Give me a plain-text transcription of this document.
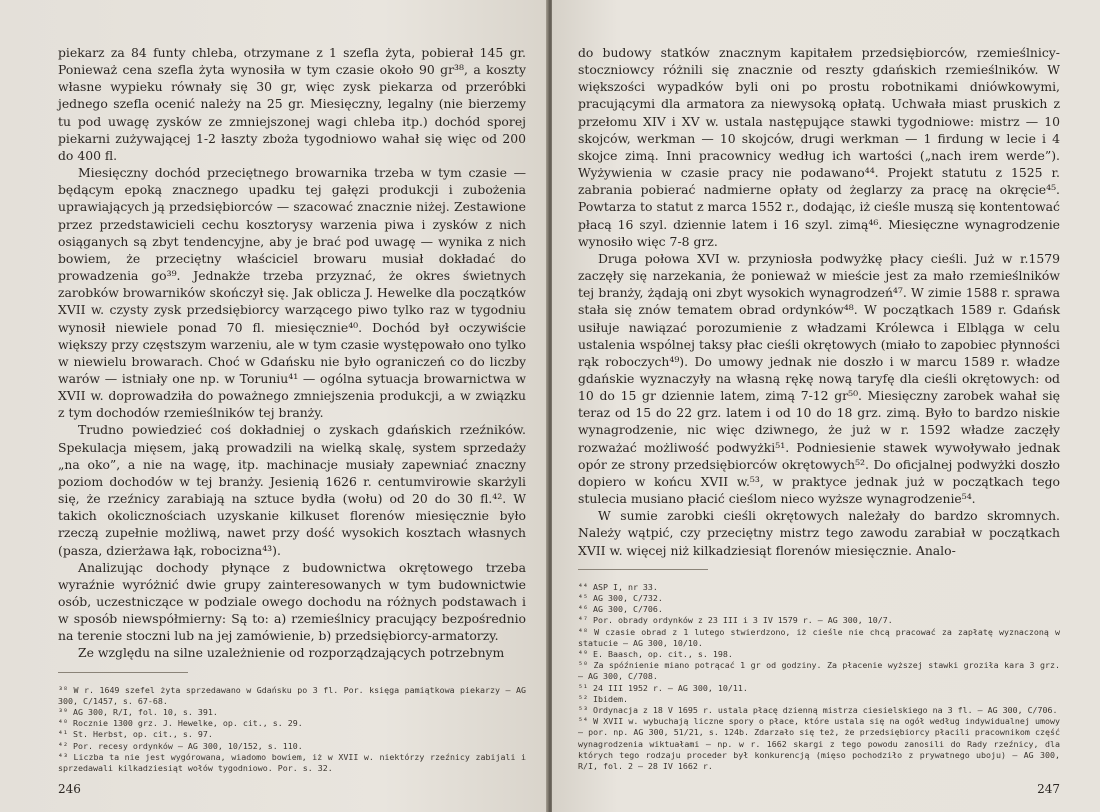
piekarz za 84 funty chleba, otrzymane z 1 szefla żyta, pobierał 145 gr. Ponieważ cena szefla żyta wynosiła w tym czasie około 90 gr³⁸, a koszty własne wypieku równały się 30 gr, więc zysk piekarza od przeróbki jednego szefla ocenić należy na 25 gr. Miesięczny, legalny (nie bierzemy tu pod uwagę zysków ze zmniejszonej wagi chleba itp.) dochód sporej piekarni zużywającej 1-2 łaszty zboża tygodniowo wahał się więc od 200 do 400 fl.

Miesięczny dochód przeciętnego browarnika trzeba w tym czasie — będącym epoką znacznego upadku tej gałęzi produkcji i zubożenia uprawiających ją przedsiębiorców — szacować znacznie niżej. Zestawione przez przedstawicieli cechu kosztorysy warzenia piwa i zysków z nich osiąganych są zbyt tendencyjne, aby je brać pod uwagę — wynika z nich bowiem, że przeciętny właściciel browaru musiał dokładać do prowadzenia go³⁹. Jednakże trzeba przyznać, że okres świetnych zarobków browarników skończył się. Jak oblicza J. Hewelke dla początków XVII w. czysty zysk przedsiębiorcy warzącego piwo tylko raz w tygodniu wynosił niewiele ponad 70 fl. miesięcznie⁴⁰. Dochód był oczywiście większy przy częstszym warzeniu, ale w tym czasie występowało ono tylko w niewielu browarach. Choć w Gdańsku nie było ograniczeń co do liczby warów — istniały one np. w Toruniu⁴¹ — ogólna sytuacja browarnictwa w XVII w. doprowadziła do poważnego zmniejszenia produkcji, a w związku z tym dochodów rzemieślników tej branży.

Trudno powiedzieć coś dokładniej o zyskach gdańskich rzeźników. Spekulacja mięsem, jaką prowadzili na wielką skalę, system sprzedaży „na oko”, a nie na wagę, itp. machinacje musiały zapewniać znaczny poziom dochodów w tej branży. Jesienią 1626 r. centumvirowie skarżyli się, że rzeźnicy zarabiają na sztuce bydła (wołu) od 20 do 30 fl.⁴². W takich okolicznościach uzyskanie kilkuset florenów miesięcznie było rzeczą zupełnie możliwą, nawet przy dość wysokich kosztach własnych (pasza, dzierżawa łąk, robocizna⁴³).

Analizując dochody płynące z budownictwa okrętowego trzeba wyraźnie wyróżnić dwie grupy zainteresowanych w tym budownictwie osób, uczestniczące w podziale owego dochodu na różnych podstawach i w sposób niewspółmierny: Są to: a) rzemieślnicy pracujący bezpośrednio na terenie stoczni lub na jej zamówienie, b) przedsiębiorcy-armatorzy.

Ze względu na silne uzależnienie od rozporządzających potrzebnym

³⁸ W r. 1649 szefel żyta sprzedawano w Gdańsku po 3 fl. Por. księga pamiątkowa piekarzy — AG 300, C/1457, s. 67-68.
³⁹ AG 300, R/I, fol. 10, s. 391.
⁴⁰ Rocznie 1300 grz. J. Hewelke, op. cit., s. 29.
⁴¹ St. Herbst, op. cit., s. 97.
⁴² Por. recesy ordynków — AG 300, 10/152, s. 110.
⁴³ Liczba ta nie jest wygórowana, wiadomo bowiem, iż w XVII w. niektórzy rzeźnicy zabijali i sprzedawali kilkadziesiąt wołów tygodniowo. Por. s. 32.
246

do budowy statków znacznym kapitałem przedsiębiorców, rzemieślnicy-stoczniowcy różnili się znacznie od reszty gdańskich rzemieślników. W większości wypadków byli oni po prostu robotnikami dniówkowymi, pracującymi dla armatora za niewysoką opłatą. Uchwała miast pruskich z przełomu XIV i XV w. ustala następujące stawki tygodniowe: mistrz — 10 skojców, werkman — 10 skojców, drugi werkman — 1 firdung w lecie i 4 skojce zimą. Inni pracownicy według ich wartości („nach irem werde”). Wyżywienia w czasie pracy nie podawano⁴⁴. Projekt statutu z 1525 r. zabrania pobierać nadmierne opłaty od żeglarzy za pracę na okręcie⁴⁵. Powtarza to statut z marca 1552 r., dodając, iż cieśle muszą się kontentować płacą 16 szyl. dziennie latem i 16 szyl. zimą⁴⁶. Miesięczne wynagrodzenie wynosiło więc 7-8 grz.

Druga połowa XVI w. przyniosła podwyżkę płacy cieśli. Już w r.1579 zaczęły się narzekania, że ponieważ w mieście jest za mało rzemieślników tej branży, żądają oni zbyt wysokich wynagrodzeń⁴⁷. W zimie 1588 r. sprawa stała się znów tematem obrad ordynków⁴⁸. W początkach 1589 r. Gdańsk usiłuje nawiązać porozumienie z władzami Królewca i Elbląga w celu ustalenia wspólnej taksy płac cieśli okrętowych (miało to zapobiec płynności rąk roboczych⁴⁹). Do umowy jednak nie doszło i w marcu 1589 r. władze gdańskie wyznaczyły na własną rękę nową taryfę dla cieśli okrętowych: od 10 do 15 gr dziennie latem, zimą 7-12 gr⁵⁰. Miesięczny zarobek wahał się teraz od 15 do 22 grz. latem i od 10 do 18 grz. zimą. Było to bardzo niskie wynagrodzenie, nic więc dziwnego, że już w r. 1592 władze zaczęły rozważać możliwość podwyżki⁵¹. Podniesienie stawek wywoływało jednak opór ze strony przedsiębiorców okrętowych⁵². Do oficjalnej podwyżki doszło dopiero w końcu XVII w.⁵³, w praktyce jednak już w początkach tego stulecia musiano płacić cieślom nieco wyższe wynagrodzenie⁵⁴.

W sumie zarobki cieśli okrętowych należały do bardzo skromnych. Należy wątpić, czy przeciętny mistrz tego zawodu zarabiał w początkach XVII w. więcej niż kilkadziesiąt florenów miesięcznie. Analo-

⁴⁴ ASP I, nr 33.
⁴⁵ AG 300, C/732.
⁴⁶ AG 300, C/706.
⁴⁷ Por. obrady ordynków z 23 III i 3 IV 1579 r. — AG 300, 10/7.
⁴⁸ W czasie obrad z 1 lutego stwierdzono, iż cieśle nie chcą pracować za zapłatę wyznaczoną w statucie — AG 300, 10/10.
⁴⁹ E. Baasch, op. cit., s. 198.
⁵⁰ Za spóźnienie miano potrącać 1 gr od godziny. Za płacenie wyższej stawki groziła kara 3 grz. — AG 300, C/708.
⁵¹ 24 III 1952 r. — AG 300, 10/11.
⁵² Ibidem.
⁵³ Ordynacja z 18 V 1695 r. ustala płacę dzienną mistrza ciesielskiego na 3 fl. — AG 300, C/706.
⁵⁴ W XVII w. wybuchają liczne spory o płace, które ustala się na ogół według indywidualnej umowy — por. np. AG 300, 51/21, s. 124b. Zdarzało się też, że przedsiębiorcy płacili pracownikom część wynagrodzenia wiktuałami — np. w r. 1662 skargi z tego powodu zanosili do Rady rzeźnicy, dla których tego rodzaju proceder był konkurencją (mięso pochodziło z prywatnego uboju) — AG 300, R/I, fol. 2 — 28 IV 1662 r.
247
